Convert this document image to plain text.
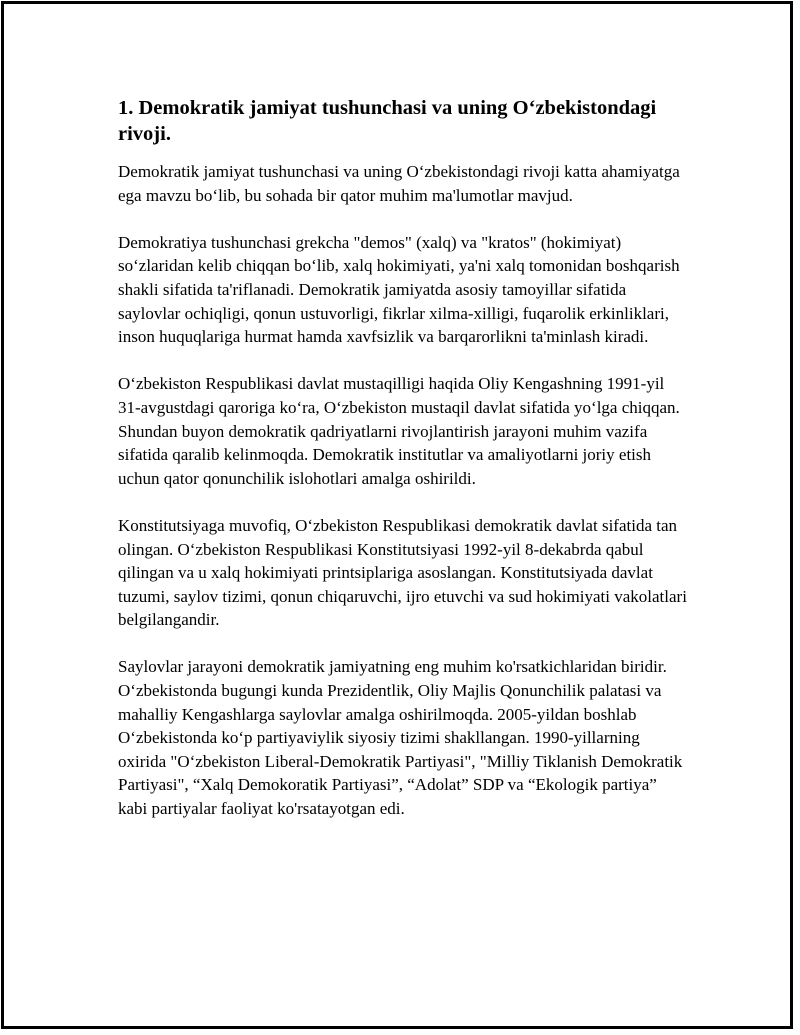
1. Demokratik jamiyat tushunchasi va uning O‘zbekistondagi rivoji.

Demokratik jamiyat tushunchasi va uning O‘zbekistondagi rivoji katta ahamiyatga ega mavzu bo‘lib, bu sohada bir qator muhim ma'lumotlar mavjud.

Demokratiya tushunchasi grekcha "demos" (xalq) va "kratos" (hokimiyat) so‘zlaridan kelib chiqqan bo‘lib, xalq hokimiyati, ya'ni xalq tomonidan boshqarish shakli sifatida ta'riflanadi. Demokratik jamiyatda asosiy tamoyillar sifatida saylovlar ochiqligi, qonun ustuvorligi, fikrlar xilma-xilligi, fuqarolik erkinliklari, inson huquqlariga hurmat hamda xavfsizlik va barqarorlikni ta'minlash kiradi.

O‘zbekiston Respublikasi davlat mustaqilligi haqida Oliy Kengashning 1991-yil 31-avgustdagi qaroriga ko‘ra, O‘zbekiston mustaqil davlat sifatida yo‘lga chiqqan. Shundan buyon demokratik qadriyatlarni rivojlantirish jarayoni muhim vazifa sifatida qaralib kelinmoqda. Demokratik institutlar va amaliyotlarni joriy etish uchun qator qonunchilik islohotlari amalga oshirildi.

Konstitutsiyaga muvofiq, O‘zbekiston Respublikasi demokratik davlat sifatida tan olingan. O‘zbekiston Respublikasi Konstitutsiyasi 1992-yil 8-dekabrda qabul qilingan va u xalq hokimiyati printsiplariga asoslangan. Konstitutsiyada davlat tuzumi, saylov tizimi, qonun chiqaruvchi, ijro etuvchi va sud hokimiyati vakolatlari belgilangandir.

Saylovlar jarayoni demokratik jamiyatning eng muhim ko'rsatkichlaridan biridir. O‘zbekistonda bugungi kunda Prezidentlik, Oliy Majlis Qonunchilik palatasi va mahalliy Kengashlarga saylovlar amalga oshirilmoqda. 2005-yildan boshlab O‘zbekistonda ko‘p partiyaviylik siyosiy tizimi shakllangan. 1990-yillarning oxirida "O‘zbekiston Liberal-Demokratik Partiyasi", "Milliy Tiklanish Demokratik Partiyasi", “Xalq Demokoratik Partiyasi”, “Adolat” SDP va “Ekologik partiya” kabi partiyalar faoliyat ko'rsatayotgan edi.
